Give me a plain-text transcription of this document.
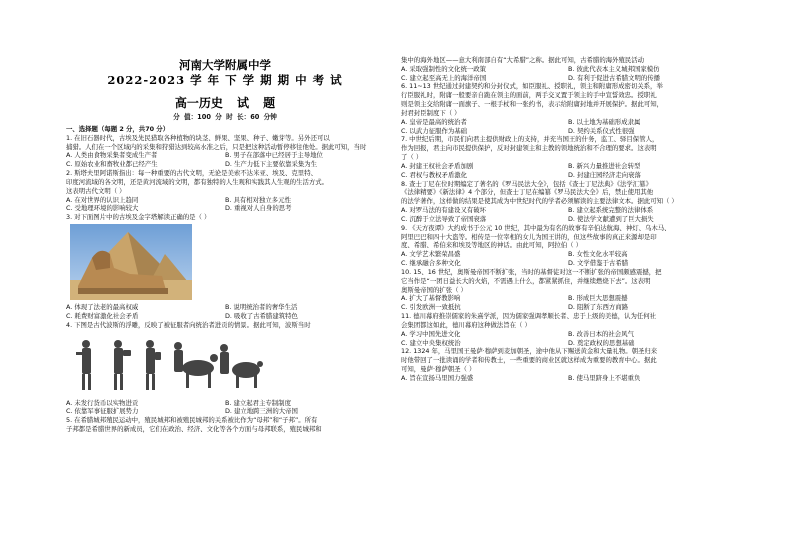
河南大学附属中学
2022-2023 学 年 下 学 期 期 中 考 试
高一历史 试 题
分 值：100 分 时 长：60 分钟
一、选择题（每题 2 分，共70 分）
1. 在旧石器时代，古埃及先民猎取各种植物的块茎、鲜果、坚果、种子、嫩芽等。另外还可以
捕猎。人们在一个区域内的采集和狩猎达到较高水准之后，只是把这种活动暂停移往他处。据此可知，当时
A. 人类由食物采集者变成生产者	B. 男子在部落中已经居于主导地位
C. 原始农业和畜牧业都已经产生	D. 生产力低下主要依靠采集为生
2. 斯塔夫里阿诺斯指出：每一种重要的古代文明，无论是美索不达米亚、埃及、克里特、
印度河流域的各文明，还是黄河流域的文明，都有独特的人生观和实践其人生观的生活方式。
这表明古代文明（ ）
A. 在对世界的认识上趋同	B. 具有相对独立多元性
C. 受地理环境的影响较大	D. 重视对人自身的思考
3. 对下面图片中的古埃及金字塔解读正确的是（ ）
A. 体现了法老的最高权威	B. 说明统治者的奢华生活
C. 耗费财富激化社会矛盾	D. 吸收了古希腊建筑特色
4. 下图是古代波斯的浮雕，反映了被征服者向统治者进贡的情景。据此可知，波斯当时
A. 未发行货币以实物进贡	B. 建立起君主专制制度
C. 依靠军事征服扩展势力	D. 建立地跨三洲的大帝国
5. 在希腊城邦殖民运动中，殖民城邦和被殖民城邦的关系被比作为“母邦”和“子邦”。所有
子邦都是希腊世界的新成员，它们在政治、经济、文化等各个方面与母邦联系，殖民城邦和
集中的海外地区——意大利南部自有“大希腊”之称。据此可知，古希腊的海外殖民活动
A. 采取强制性的文化统一政策	B. 彼此代表本主义城邦国家模仿
C. 建立起至高无上的海洋帝国	D. 有利于促进古希腊文明的传播
6. 11~13 世纪通过封建契约和分封仪式，如臣服礼、授职礼，领主和附庸形成密切关系，举
行臣服礼时，附庸一般要亲自跪在领主的面前，两手交叉置于领主的手中宣誓效忠。授职礼
则是领主交给附庸一面旗子、一根手杖和一张约书，表示给附庸封地并开展保护。据此可知，
封君封臣制度下（ ）
A. 皇帝是最高的统治者	B. 以土地为基础形成隶属
C. 以武力征服作为基础	D. 契约关系仪式性很强
7. 中世纪后期，市民们向君主提供财政上的支持，并充当国王的什务，监工、驿目保管人，
作为回报，君主向市民提供保护，反对封建领主和主教的领地统治和不合理的要求。这表明
了（ ）
A. 封建王权社会矛盾加剧	B. 新兴力量推进社会转型
C. 君权与教权矛盾激化	D. 封建庄园经济走向衰落
8. 查士丁尼在位时期编定了著名的《罗马民法大全》，包括《查士丁尼法典》《法学汇纂》
《法律精要》《新法律》4 个部分，但查士丁尼在编纂《罗马民法大全》后，禁止使用其他
的法学著作，这样做的结果是使其成为中世纪时代的学者必须解读的主要法律文本。据此可知（ ）
A. 对罗马法的有建设又有破坏	B. 建立起系统完整的法律体系
C. 沉醉于立法导致了帝国衰落	D. 使法学文献遭到了巨大损失
9. 《天方夜谭》大约成书于公元 10 世纪，其中最为有名的故事有辛伯达航海、神灯、乌木马、
阿里巴巴和四十大盗等。相传是一位宰相的女儿为国王讲的，但这些故事的真正来源却是印
度、希腊、希伯来和埃及等地区的神话。由此可知，阿拉伯（ ）
A. 文学艺术繁荣昌盛	B. 女性文化水平较高
C. 继承融合多种文化	D. 文学借鉴于古希腊
10. 15、16 世纪，奥斯曼帝国不断扩张，当时的基督徒对这一不断扩张的帝国颇感震撼，把
它当作是“一团日益长大的火焰，不需遇上什么，都紧紧抓住，并继续燃烧下去”。这表明
奥斯曼帝国的扩张（ ）
A. 扩大了基督教影响	B. 形成巨大思想震撼
C. 引发欧洲一致抵抗	D. 阻断了东西方商路
11. 德川幕府推崇儒家的朱熹学派，因为儒家强调孝顺长者、忠于上级的美德，认为任何社
会集团都这如此，德川幕府这种做法旨在（ ）
A. 学习中国先进文化	B. 改善日本的社会风气
C. 建立中央集权统治	D. 奠定政权的思想基础
12. 1324 年，马里国王曼萨·穆萨到麦加朝圣，途中他从下赐送黄金和大量礼物。朝圣归来
时他带回了一批读诵的学者和传教士，一些重要的商业区就这样成为重要的教育中心。据此
可知，曼萨·穆萨朝圣（ ）
A. 旨在宣扬马里国力强盛	B. 使马里跻身上不堪重负
